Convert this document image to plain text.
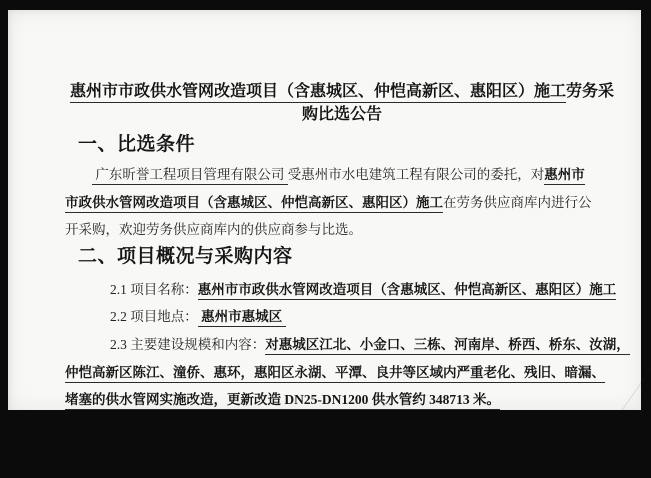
惠州市市政供水管网改造项目（含惠城区、仲恺高新区、惠阳区）施工劳务采
购比选公告
一、比选条件
广东昕誉工程项目管理有限公司 受惠州市水电建筑工程有限公司的委托，对惠州市
市政供水管网改造项目（含惠城区、仲恺高新区、惠阳区）施工在劳务供应商库内进行公
开采购，欢迎劳务供应商库内的供应商参与比选。
二、项目概况与采购内容
2.1 项目名称：惠州市市政供水管网改造项目（含惠城区、仲恺高新区、惠阳区）施工
2.2 项目地点： 惠州市惠城区
2.3 主要建设规模和内容：对惠城区江北、小金口、三栋、河南岸、桥西、桥东、汝湖，
仲恺高新区陈江、潼侨、惠环，惠阳区永湖、平潭、良井等区域内严重老化、残旧、暗漏、
堵塞的供水管网实施改造，更新改造 DN25-DN1200 供水管约 348713 米。
